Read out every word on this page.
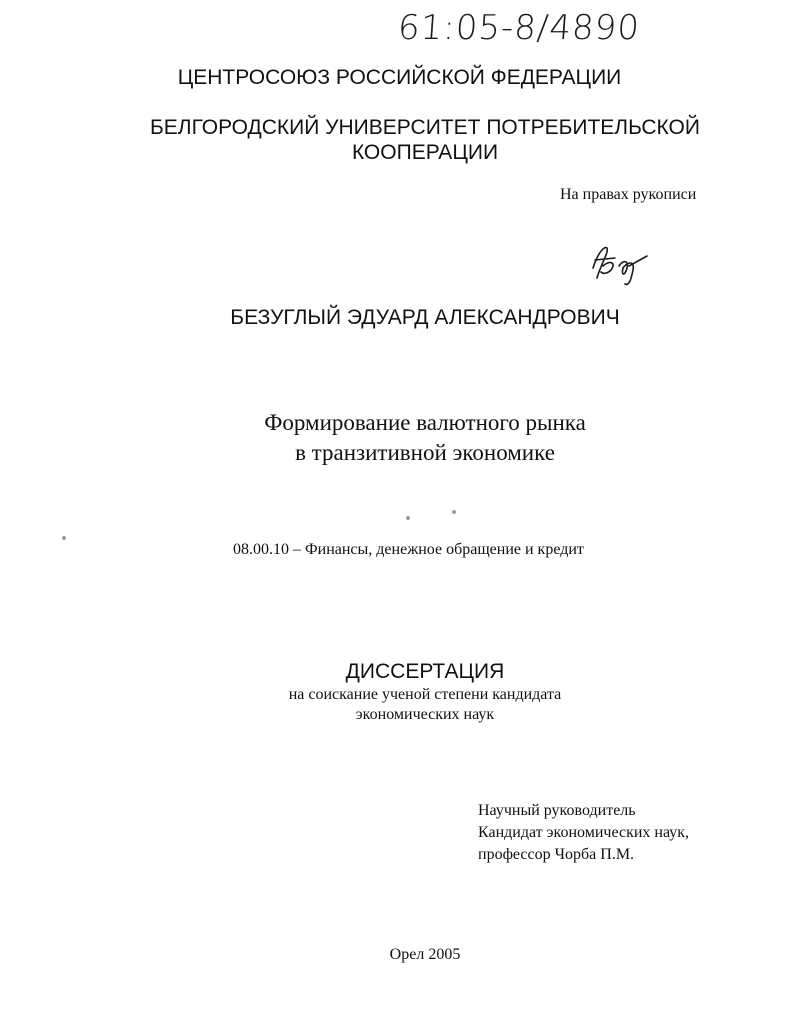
61:05-8/4890
ЦЕНТРОСОЮЗ РОССИЙСКОЙ ФЕДЕРАЦИИ
БЕЛГОРОДСКИЙ УНИВЕРСИТЕТ ПОТРЕБИТЕЛЬСКОЙ
КООПЕРАЦИИ
На правах рукописи
БЕЗУГЛЫЙ ЭДУАРД АЛЕКСАНДРОВИЧ
Формирование валютного рынка
в транзитивной экономике
08.00.10 – Финансы, денежное обращение и кредит
ДИССЕРТАЦИЯ
на соискание ученой степени кандидата
экономических наук
Научный руководитель
Кандидат экономических наук,
профессор Чорба П.М.
Орел 2005
